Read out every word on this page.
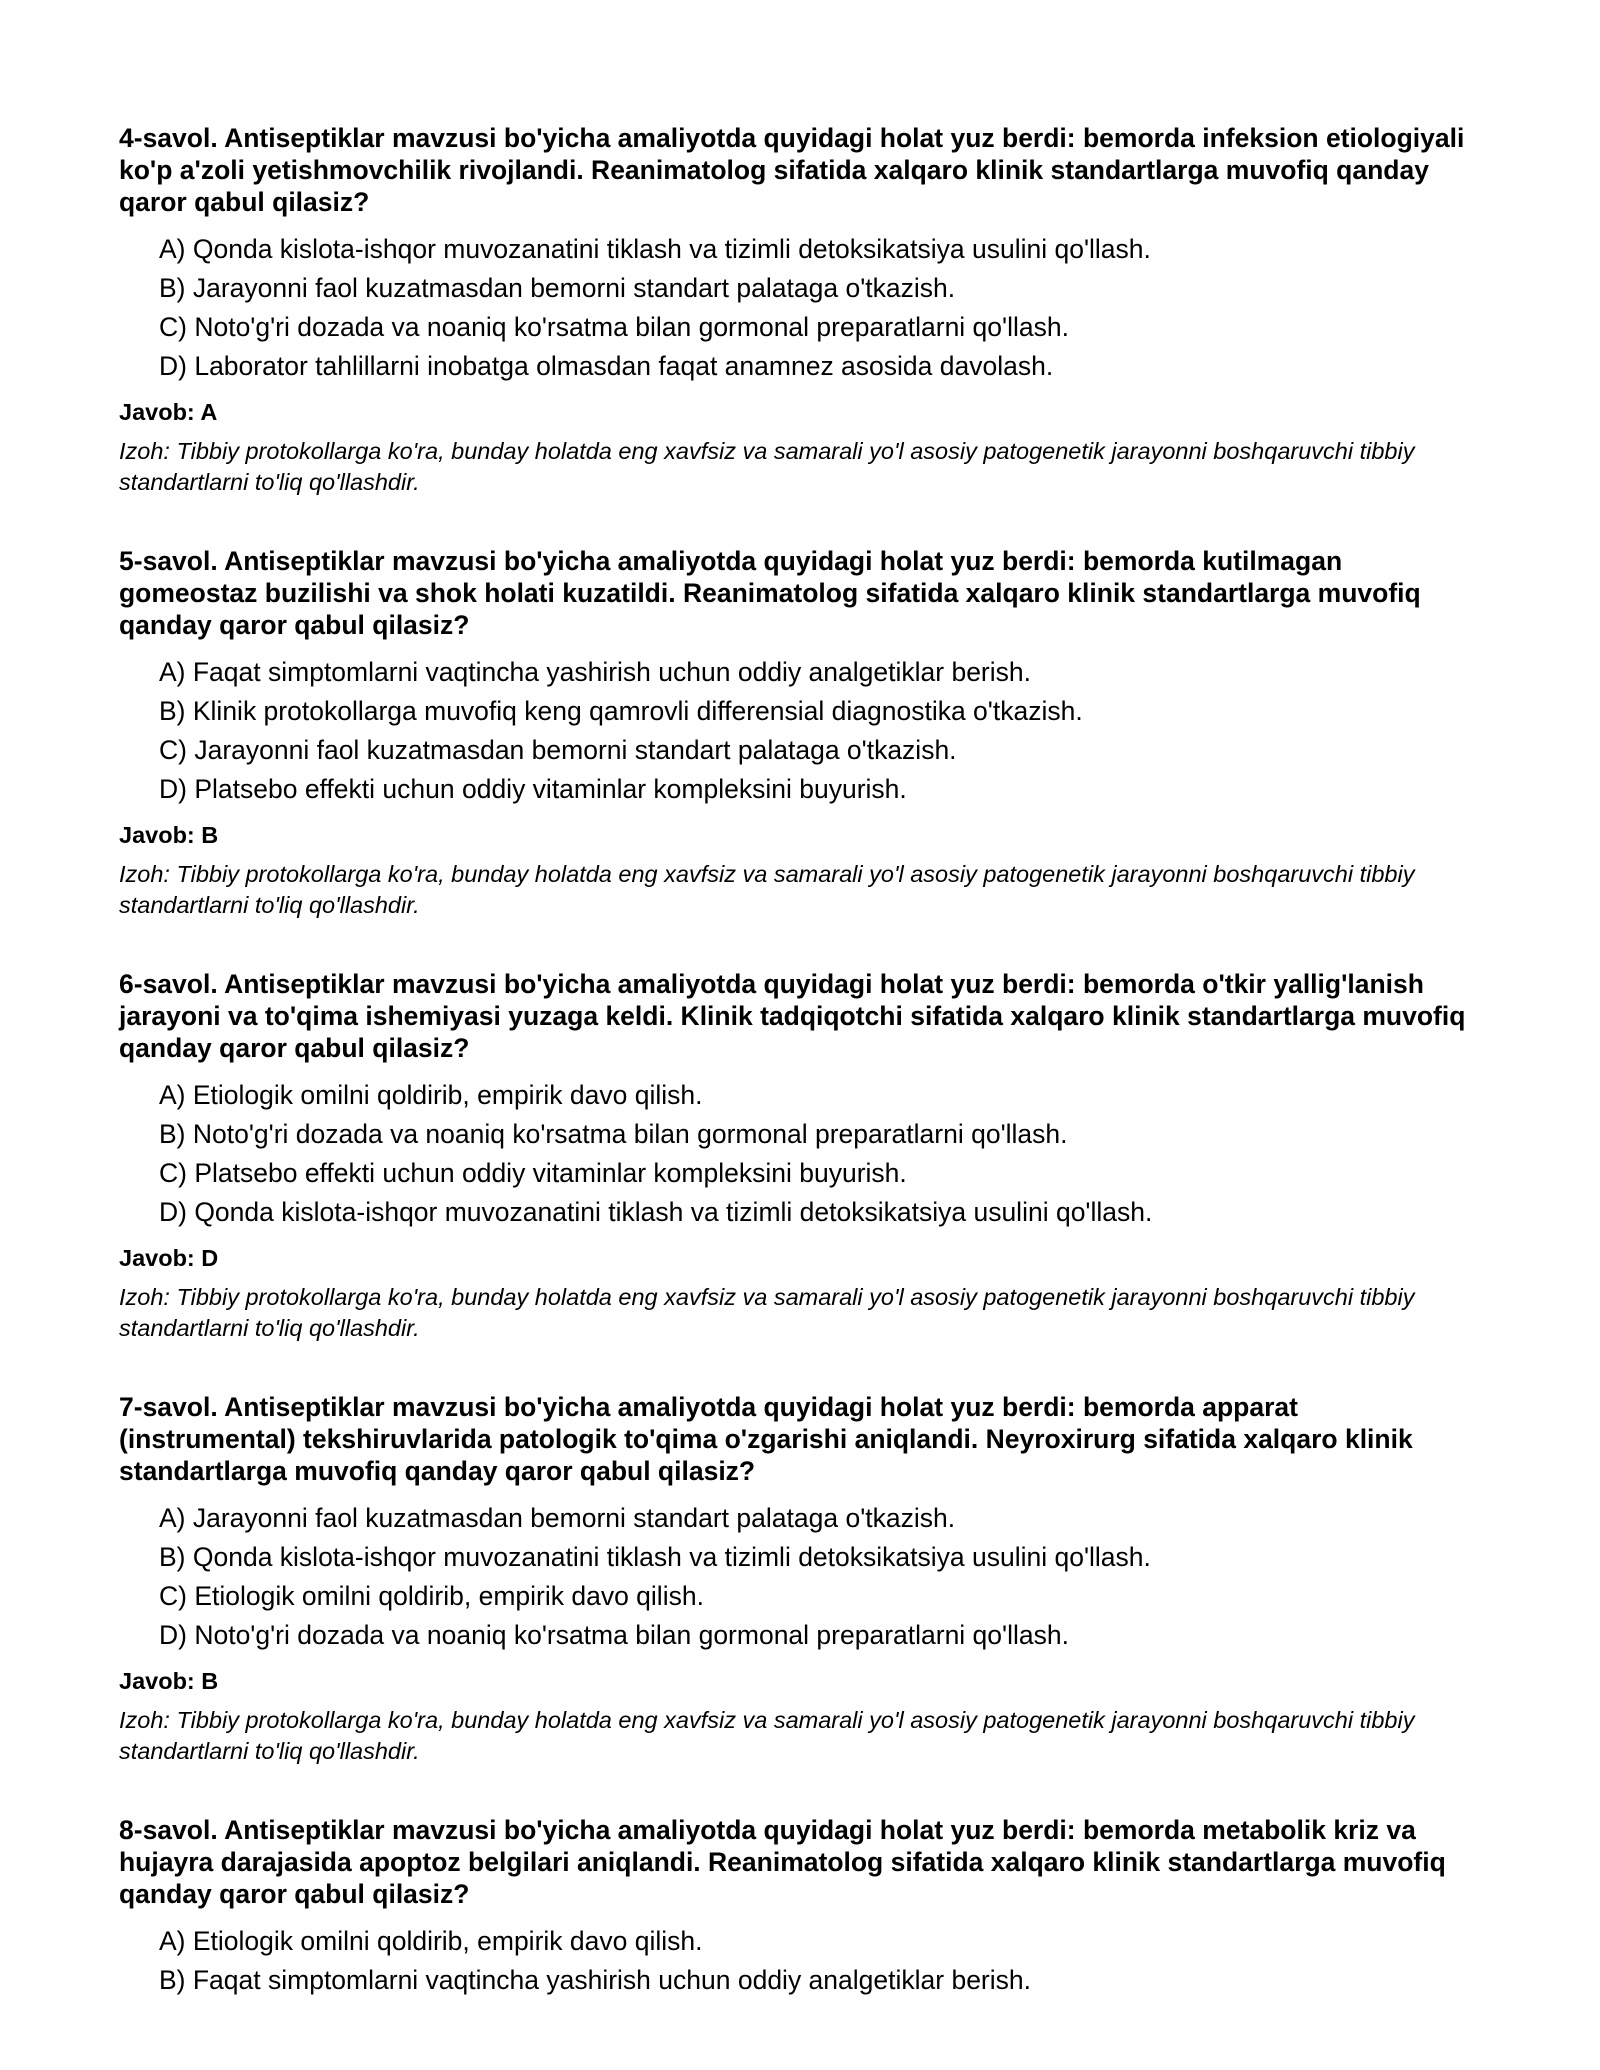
4-savol. Antiseptiklar mavzusi bo'yicha amaliyotda quyidagi holat yuz berdi: bemorda infeksion etiologiyali ko'p a'zoli yetishmovchilik rivojlandi. Reanimatolog sifatida xalqaro klinik standartlarga muvofiq qanday qaror qabul qilasiz?

A) Qonda kislota-ishqor muvozanatini tiklash va tizimli detoksikatsiya usulini qo'llash.
B) Jarayonni faol kuzatmasdan bemorni standart palataga o'tkazish.
C) Noto'g'ri dozada va noaniq ko'rsatma bilan gormonal preparatlarni qo'llash.
D) Laborator tahlillarni inobatga olmasdan faqat anamnez asosida davolash.

Javob: A

Izoh: Tibbiy protokollarga ko'ra, bunday holatda eng xavfsiz va samarali yo'l asosiy patogenetik jarayonni boshqaruvchi tibbiy standartlarni to'liq qo'llashdir.

5-savol. Antiseptiklar mavzusi bo'yicha amaliyotda quyidagi holat yuz berdi: bemorda kutilmagan gomeostaz buzilishi va shok holati kuzatildi. Reanimatolog sifatida xalqaro klinik standartlarga muvofiq qanday qaror qabul qilasiz?

A) Faqat simptomlarni vaqtincha yashirish uchun oddiy analgetiklar berish.
B) Klinik protokollarga muvofiq keng qamrovli differensial diagnostika o'tkazish.
C) Jarayonni faol kuzatmasdan bemorni standart palataga o'tkazish.
D) Platsebo effekti uchun oddiy vitaminlar kompleksini buyurish.

Javob: B

Izoh: Tibbiy protokollarga ko'ra, bunday holatda eng xavfsiz va samarali yo'l asosiy patogenetik jarayonni boshqaruvchi tibbiy standartlarni to'liq qo'llashdir.

6-savol. Antiseptiklar mavzusi bo'yicha amaliyotda quyidagi holat yuz berdi: bemorda o'tkir yallig'lanish jarayoni va to'qima ishemiyasi yuzaga keldi. Klinik tadqiqotchi sifatida xalqaro klinik standartlarga muvofiq qanday qaror qabul qilasiz?

A) Etiologik omilni qoldirib, empirik davo qilish.
B) Noto'g'ri dozada va noaniq ko'rsatma bilan gormonal preparatlarni qo'llash.
C) Platsebo effekti uchun oddiy vitaminlar kompleksini buyurish.
D) Qonda kislota-ishqor muvozanatini tiklash va tizimli detoksikatsiya usulini qo'llash.

Javob: D

Izoh: Tibbiy protokollarga ko'ra, bunday holatda eng xavfsiz va samarali yo'l asosiy patogenetik jarayonni boshqaruvchi tibbiy standartlarni to'liq qo'llashdir.

7-savol. Antiseptiklar mavzusi bo'yicha amaliyotda quyidagi holat yuz berdi: bemorda apparat (instrumental) tekshiruvlarida patologik to'qima o'zgarishi aniqlandi. Neyroxirurg sifatida xalqaro klinik standartlarga muvofiq qanday qaror qabul qilasiz?

A) Jarayonni faol kuzatmasdan bemorni standart palataga o'tkazish.
B) Qonda kislota-ishqor muvozanatini tiklash va tizimli detoksikatsiya usulini qo'llash.
C) Etiologik omilni qoldirib, empirik davo qilish.
D) Noto'g'ri dozada va noaniq ko'rsatma bilan gormonal preparatlarni qo'llash.

Javob: B

Izoh: Tibbiy protokollarga ko'ra, bunday holatda eng xavfsiz va samarali yo'l asosiy patogenetik jarayonni boshqaruvchi tibbiy standartlarni to'liq qo'llashdir.

8-savol. Antiseptiklar mavzusi bo'yicha amaliyotda quyidagi holat yuz berdi: bemorda metabolik kriz va hujayra darajasida apoptoz belgilari aniqlandi. Reanimatolog sifatida xalqaro klinik standartlarga muvofiq qanday qaror qabul qilasiz?

A) Etiologik omilni qoldirib, empirik davo qilish.
B) Faqat simptomlarni vaqtincha yashirish uchun oddiy analgetiklar berish.
